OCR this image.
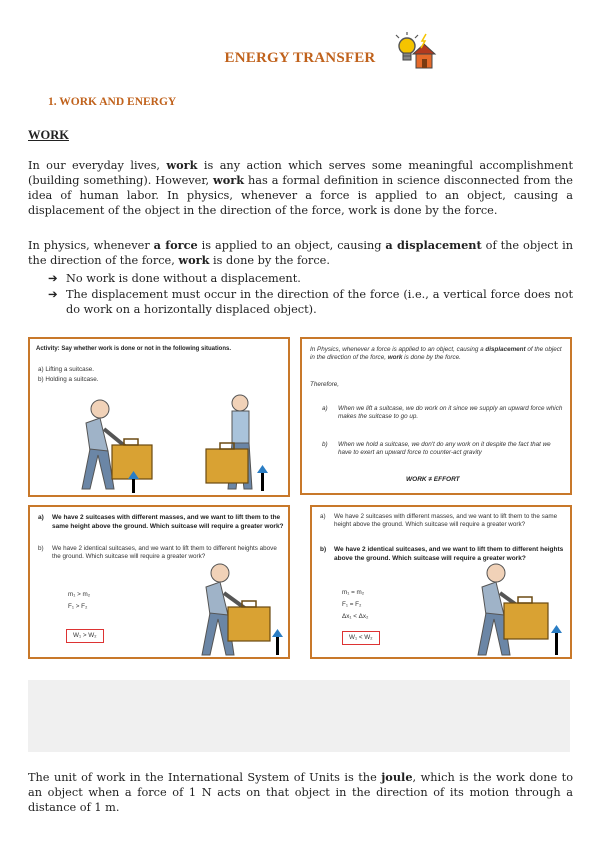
ENERGY TRANSFER
1. WORK AND ENERGY
WORK
In our everyday lives, work is any action which serves some meaningful accomplishment (building something). However, work has a formal definition in science disconnected from the idea of human labor. In physics, whenever a force is applied to an object, causing a displacement of the object in the direction of the force, work is done by the force.
In physics, whenever a force is applied to an object, causing a displacement of the object in the direction of the force, work is done by the force.
➔ No work is done without a displacement.
➔ The displacement must occur in the direction of the force (i.e., a vertical force does not do work on a horizontally displaced object).
Activity: Say whether work is done or not in the following situations.
a) Lifting a suitcase.
b) Holding a suitcase.
In Physics, whenever a force is applied to an object, causing a displacement of the object in the direction of the force, work is done by the force.
Therefore,
a) When we lift a suitcase, we do work on it since we supply an upward force which makes the suitcase to go up.
b) When we hold a suitcase, we don't do any work on it despite the fact that we have to exert an upward force to counter-act gravity
WORK ≠ EFFORT
a) We have 2 suitcases with different masses, and we want to lift them to the same height above the ground. Which suitcase will require a greater work?
b) We have 2 identical suitcases, and we want to lift them to different heights above the ground. Which suitcase will require a greater work?
m₁ > m₂
F₁ > F₂
W₁ > W₂
a) We have 2 suitcases with different masses, and we want to lift them to the same height above the ground. Which suitcase will require a greater work?
b) We have 2 identical suitcases, and we want to lift them to different heights above the ground. Which suitcase will require a greater work?
m₁ = m₂
F₁ = F₂
Δx₁ < Δx₂
W₁ < W₂
The unit of work in the International System of Units is the joule, which is the work done to an object when a force of 1 N acts on that object in the direction of its motion through a distance of 1 m.
